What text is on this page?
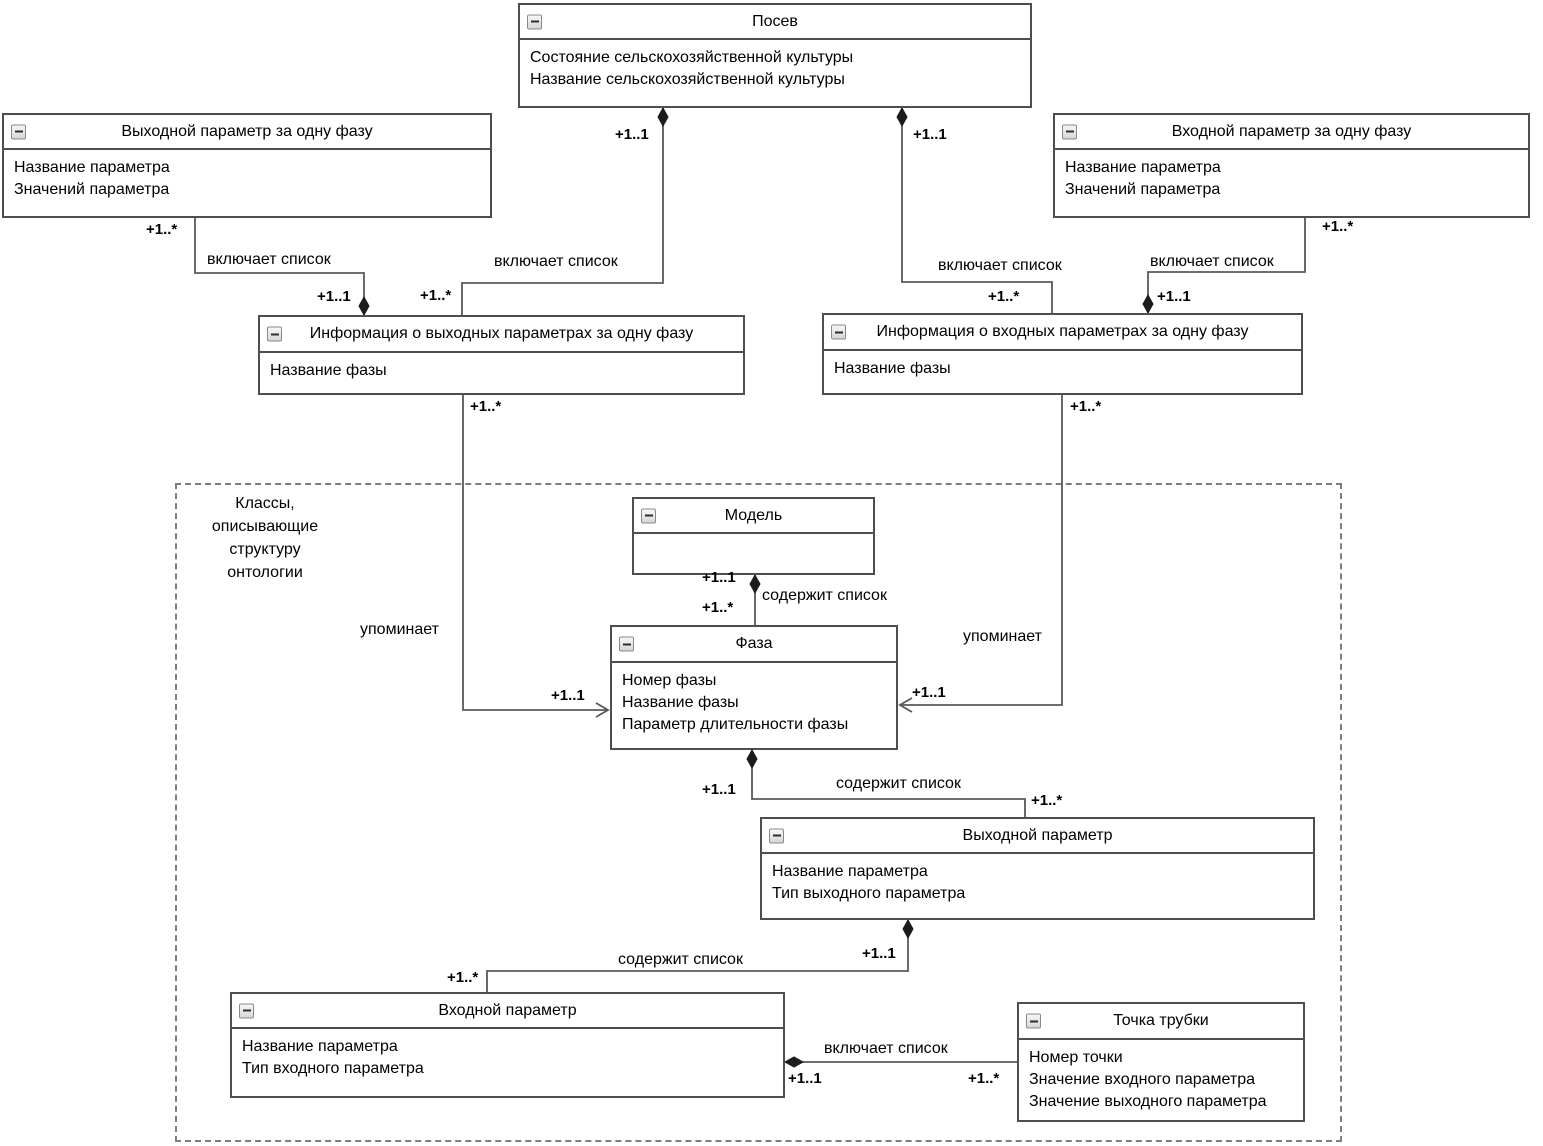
Классы,
описывающие
структуру
онтологии
Посев
Состояние сельскохозяйственной культуры
Название сельскохозяйственной культуры
Выходной параметр за одну фазу
Название параметра
Значений параметра
Входной параметр за одну фазу
Название параметра
Значений параметра
Информация о выходных параметрах за одну фазу
Название фазы
Информация о входных параметрах за одну фазу
Название фазы
Модель
Фаза
Номер фазы
Название фазы
Параметр длительности фазы
Выходной параметр
Название параметра
Тип выходного параметра
Входной параметр
Название параметра
Тип входного параметра
Точка трубки
Номер точки
Значение входного параметра
Значение выходного параметра
+1..*
включает список
+1..1
+1..1
включает список
+1..*
+1..1
включает список
+1..*
+1..*
включает список
+1..1
+1..*
упоминает
+1..1
+1..*
упоминает
+1..1
+1..1
содержит список
+1..*
+1..1	содержит список
+1..*
+1..1
содержит список
+1..*
включает список
+1..1	+1..*
